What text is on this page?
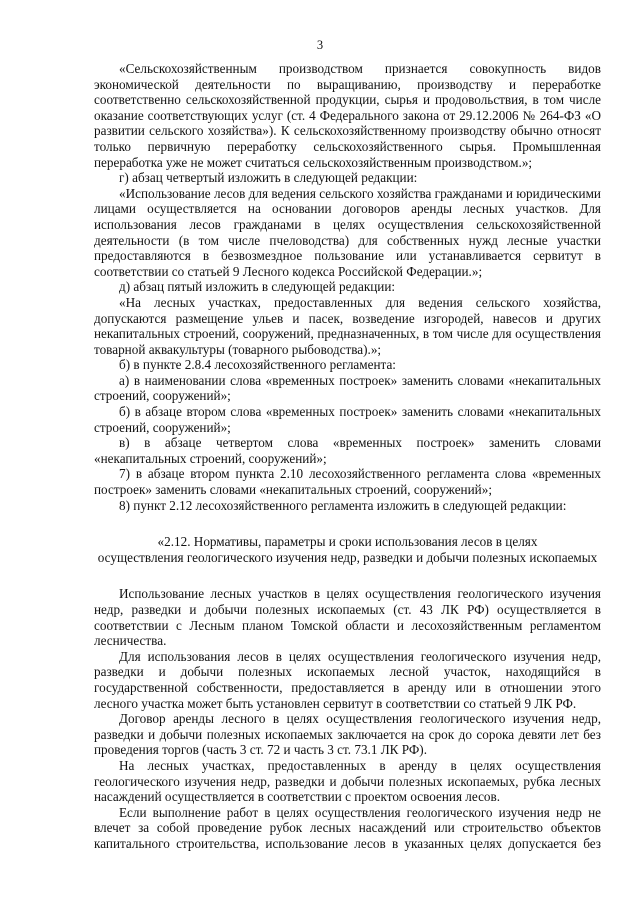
3

«Сельскохозяйственным производством признается совокупность видов экономической деятельности по выращиванию, производству и переработке соответственно сельскохозяйственной продукции, сырья и продовольствия, в том числе оказание соответствующих услуг (ст. 4 Федерального закона от 29.12.2006 № 264-ФЗ «О развитии сельского хозяйства»). К сельскохозяйственному производству обычно относят только первичную переработку сельскохозяйственного сырья. Промышленная переработка уже не может считаться сельскохозяйственным производством.»;

г) абзац четвертый изложить в следующей редакции:

«Использование лесов для ведения сельского хозяйства гражданами и юридическими лицами осуществляется на основании договоров аренды лесных участков. Для использования лесов гражданами в целях осуществления сельскохозяйственной деятельности (в том числе пчеловодства) для собственных нужд лесные участки предоставляются в безвозмездное пользование или устанавливается сервитут в соответствии со статьей 9 Лесного кодекса Российской Федерации.»;

д) абзац пятый изложить в следующей редакции:

«На лесных участках, предоставленных для ведения сельского хозяйства, допускаются размещение ульев и пасек, возведение изгородей, навесов и других некапитальных строений, сооружений, предназначенных, в том числе для осуществления товарной аквакультуры (товарного рыбоводства).»;

б) в пункте 2.8.4 лесохозяйственного регламента:

а) в наименовании слова «временных построек» заменить словами «некапитальных строений, сооружений»;

б) в абзаце втором слова «временных построек» заменить словами «некапитальных строений, сооружений»;

в) в абзаце четвертом слова «временных построек» заменить словами «некапитальных строений, сооружений»;

7) в абзаце втором пункта 2.10 лесохозяйственного регламента слова «временных построек» заменить словами «некапитальных строений, сооружений»;

8) пункт 2.12 лесохозяйственного регламента изложить в следующей редакции:

«2.12. Нормативы, параметры и сроки использования лесов в целях
осуществления геологического изучения недр, разведки и добычи полезных ископаемых

Использование лесных участков в целях осуществления геологического изучения недр, разведки и добычи полезных ископаемых (ст. 43 ЛК РФ) осуществляется в соответствии с Лесным планом Томской области и лесохозяйственным регламентом лесничества.

Для использования лесов в целях осуществления геологического изучения недр, разведки и добычи полезных ископаемых лесной участок, находящийся в государственной собственности, предоставляется в аренду или в отношении этого лесного участка может быть установлен сервитут в соответствии со статьей 9 ЛК РФ.

Договор аренды лесного в целях осуществления геологического изучения недр, разведки и добычи полезных ископаемых заключается на срок до сорока девяти лет без проведения торгов (часть 3 ст. 72 и часть 3 ст. 73.1 ЛК РФ).

На лесных участках, предоставленных в аренду в целях осуществления геологического изучения недр, разведки и добычи полезных ископаемых, рубка лесных насаждений осуществляется в соответствии с проектом освоения лесов.

Если выполнение работ в целях осуществления геологического изучения недр не влечет за собой проведение рубок лесных насаждений или строительство объектов капитального строительства, использование лесов в указанных целях допускается без
